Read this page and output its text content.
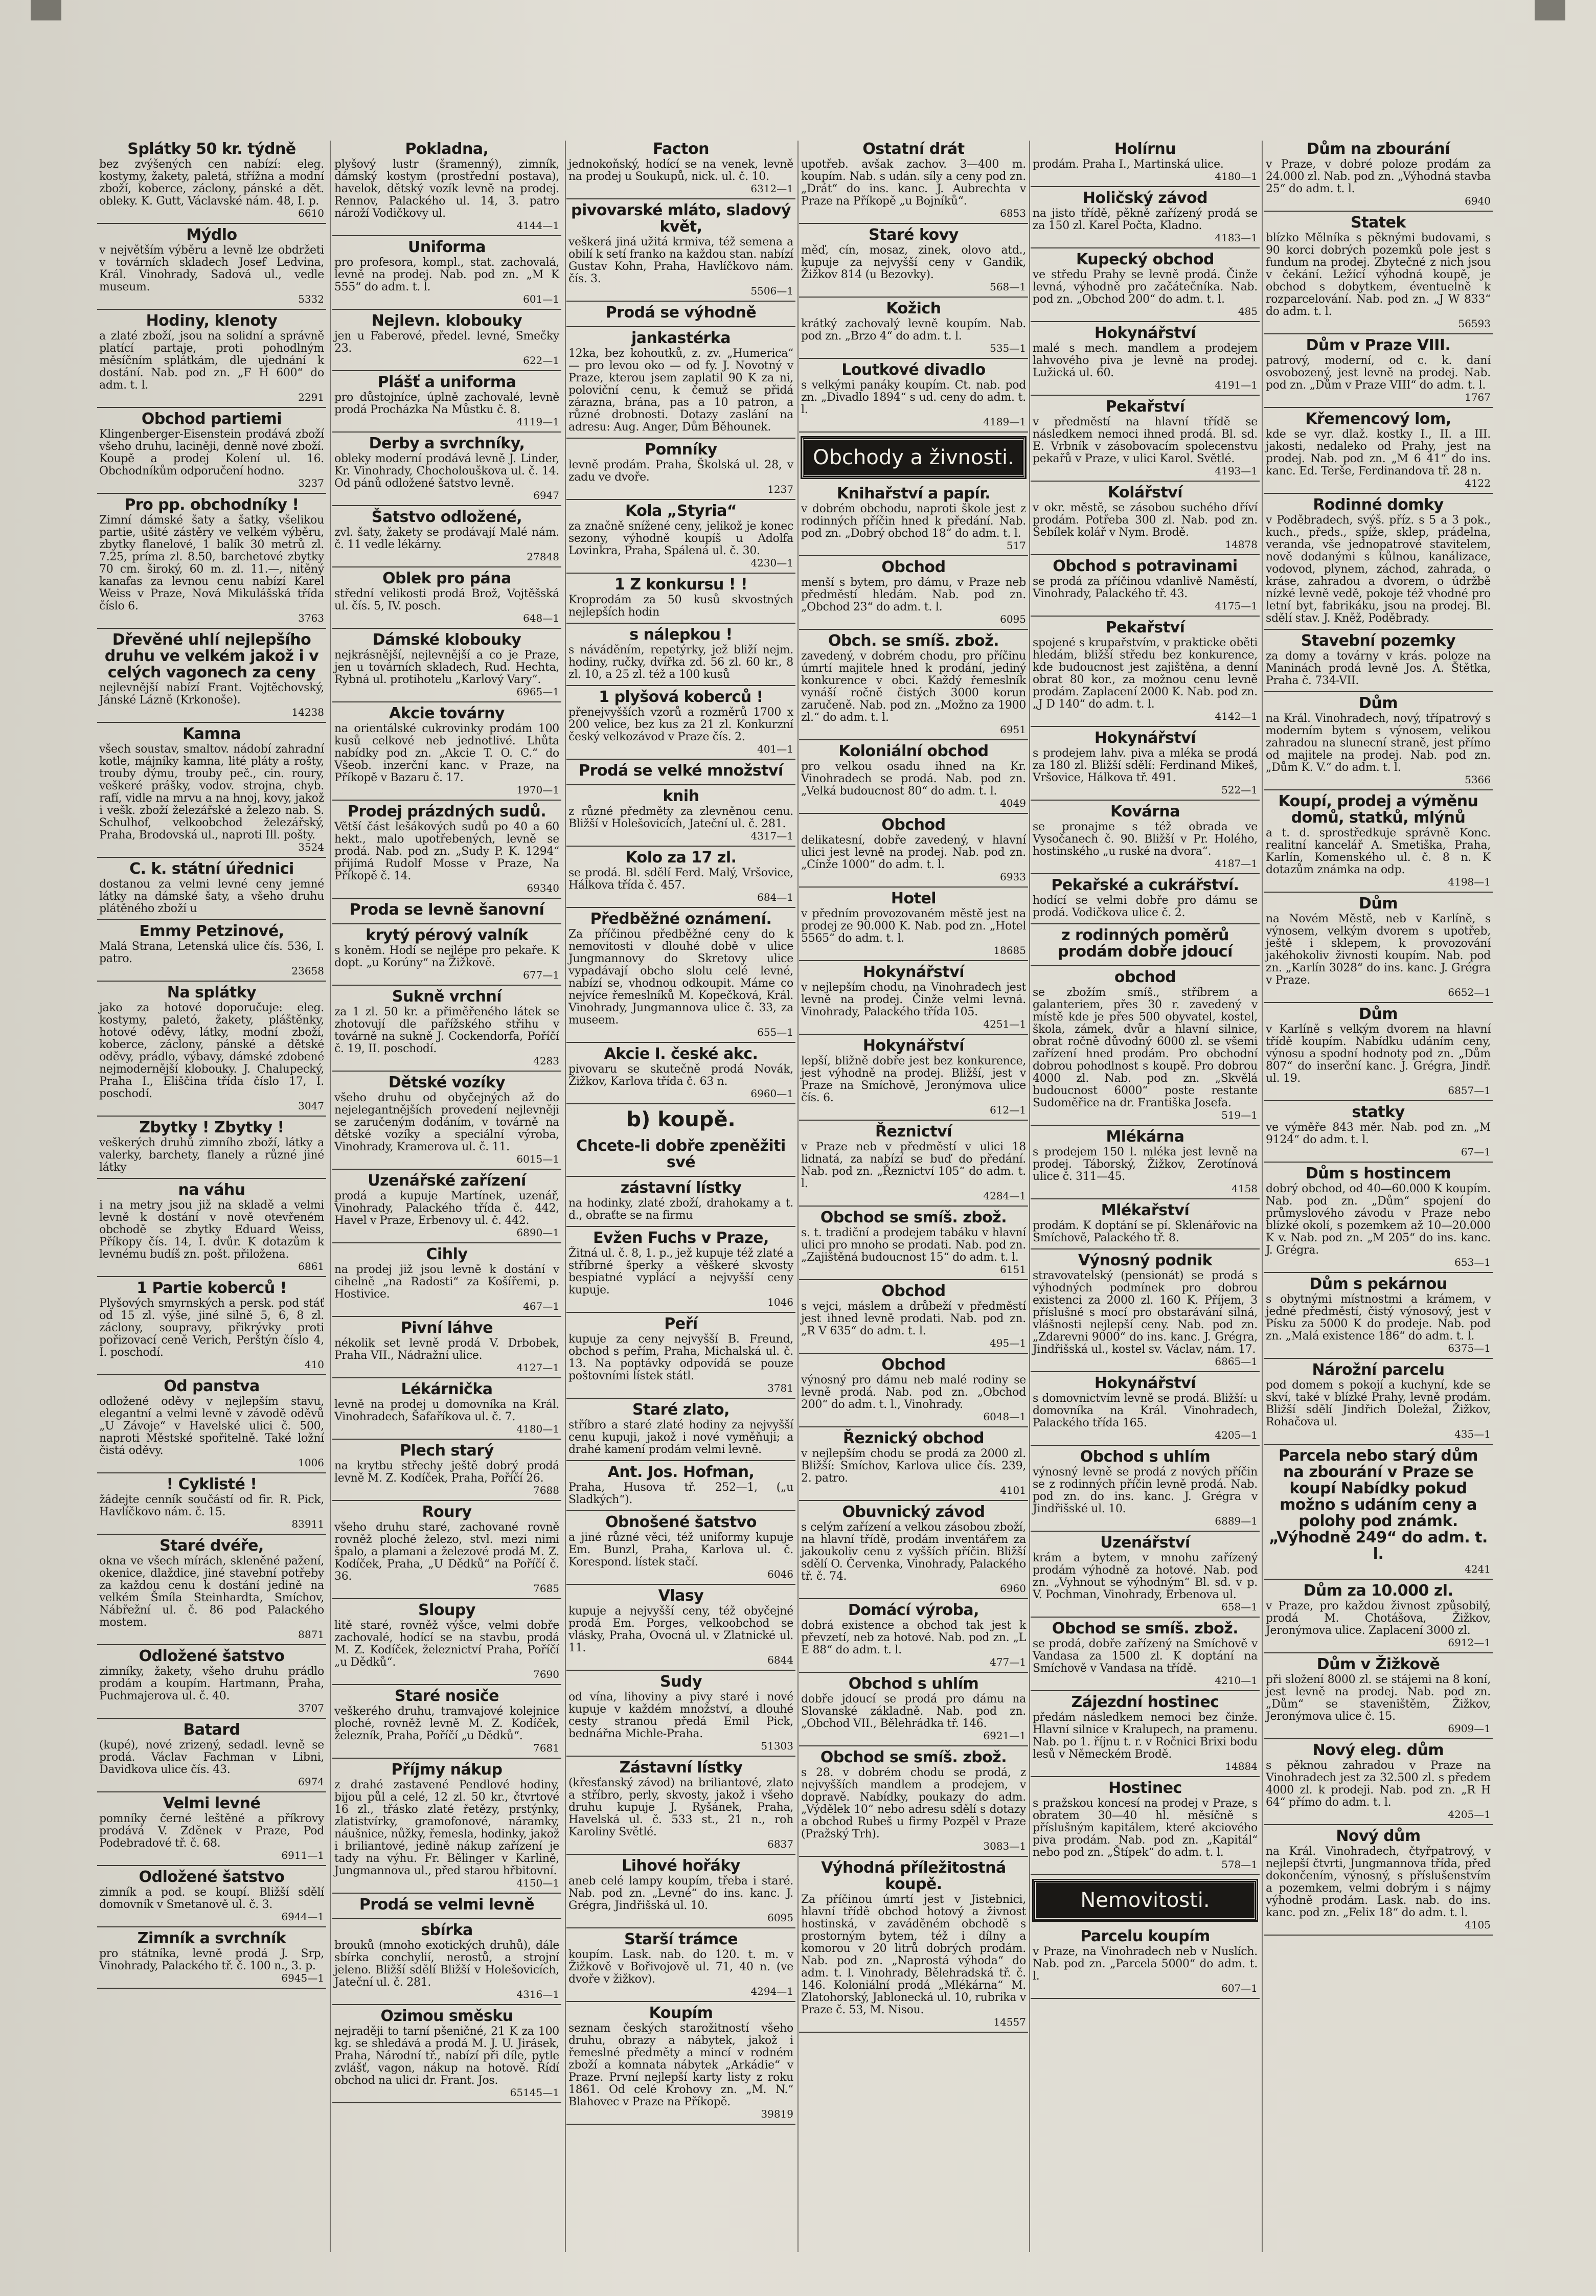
Splátky 50 kr. týdně

bez zvýšených cen nabízí: eleg. kostymy, žakety, paletá, střížna a modní zboží, koberce, záclony, pánské a dět. obleky. K. Gutt, Václavské nám. 48, I. p.

6610
Mýdlo

v největším výběru a levně lze obdržeti v továrních skladech Josef Ledvina, Král. Vinohrady, Sadová ul., vedle museum.

5332
Hodiny, klenoty

a zlaté zboží, jsou na solidní a správně platící partaje, proti pohodlným měsíčním splátkám, dle ujednání k dostání. Nab. pod zn. „F H 600“ do adm. t. l.

2291
Obchod partiemi

Klingenberger-Eisenstein prodává zboží všeho druhu, laciněji, denně nové zboží. Koupě a prodej Kolení ul. 16. Obchodníkům odporučení hodno.

3237
Pro pp. obchodníky !

Zimní dámské šaty a šatky, všelikou partie, ušité zástěry ve velkém výběru, zbytky flanelové, 1 balík 30 metrů zl. 7.25, príma zl. 8.50, barchetové zbytky 70 cm. široký, 60 m. zl. 11.—, nitěný kanafas za levnou cenu nabízí Karel Weiss v Praze, Nová Mikulášská třída číslo 6.

3763
Dřevěné uhlí nejlepšího druhu ve velkém jakož i v celých vagonech za ceny

nejlevnější nabízí Frant. Vojtěchovský, Jánské Lázně (Krkonoše).

14238
Kamna

všech soustav, smaltov. nádobí zahradní kotle, májníky kamna, lité pláty a rošty, trouby dýmu, trouby peč., cin. roury, veškeré prášky, vodov. strojna, chyb. rafí, vidle na mrvu a na hnoj, kovy, jakož i vešk. zboží železářské a železo nab. S. Schulhof, velkoobchod železářský, Praha, Brodovská ul., naproti Ill. pošty.

3524
C. k. státní úřednici

dostanou za velmi levné ceny jemné látky na dámské šaty, a všeho druhu plátěného zboží u

Emmy Petzinové,

Malá Strana, Letenská ulice čís. 536, I. patro.

23658
Na splátky

jako za hotové doporučuje: eleg. kostymy, paletó, žakety, pláštěnky, hotové oděvy, látky, modní zboží, koberce, záclony, pánské a dětské oděvy, prádlo, výbavy, dámské zdobené nejmodernější klobouky. J. Chalupecký, Praha I., Eliščina třída číslo 17, I. poschodí.

3047
Zbytky ! Zbytky !

veškerých druhů zimního zboží, látky a valerky, barchety, flanely a různé jiné látky

na váhu

i na metry jsou již na skladě a velmi levně k dostání v nově otevřeném obchodě se zbytky Eduard Weiss, Příkopy čís. 14, I. dvůr. K dotazům k levnému budíš zn. pošt. přiložena.

6861
1 Partie koberců !

Plyšových smyrnských a persk. pod stáť od 15 zl. výše, jiné silně 5, 6, 8 zl. záclony, soupravy, přikrývky proti pořizovací ceně Verich, Perštýn číslo 4, I. poschodí.

410
Od panstva

odložené oděvy v nejlepším stavu, elegantní a velmi levně v závodě oděvů „U Závoje“ v Havelské ulici č. 500, naproti Městské spořitelně. Také ložní čistá oděvy.

1006
! Cyklisté !

žádejte cenník součástí od fir. R. Pick, Havlíčkovo nám. č. 15.

83911
Staré dvéře,

okna ve všech mírách, skleněné pažení, okenice, dlaždice, jiné stavební potřeby za každou cenu k dostání jedině na velkém Šmíla Steinhardta, Smíchov, Nábřežní ul. č. 86 pod Palackého mostem.

8871
Odložené šatstvo

zimníky, žakety, všeho druhu prádlo prodám a koupím. Hartmann, Praha, Puchmajerova ul. č. 40.

3707
Batard

(kupé), nové zrizený, sedadl. levně se prodá. Václav Fachman v Libni, Davidkova ulice čís. 43.

6974
Velmi levné

pomníky černé leštěné a příkrovy prodává V. Zděnek v Praze, Pod Podebradové tř. č. 68.

6911—1
Odložené šatstvo

zimník a pod. se koupí. Bližší sdělí domovník v Smetanově ul. č. 3.

6944—1
Zimník a svrchník

pro státníka, levně prodá J. Srp, Vinohrady, Palackého tř. č. 100 n., 3. p.

6945—1
Pokladna,

plyšový lustr (šramenný), zimník, dámský kostym (prostřední postava), havelok, dětský vozík levně na prodej. Rennov, Palackého ul. 14, 3. patro nároží Vodičkovy ul.

4144—1
Uniforma

pro profesora, kompl., stat. zachovalá, levně na prodej. Nab. pod zn. „M K 555“ do adm. t. l.

601—1
Nejlevn. klobouky

jen u Faberové, předel. levné, Smečky 23.

622—1
Plášť a uniforma

pro důstojníce, úplně zachovalé, levně prodá Procházka Na Můstku č. 8.

4119—1
Derby a svrchníky,

obleky moderní prodává levně J. Linder, Kr. Vinohrady, Chocholouškova ul. č. 14. Od pánů odložené šatstvo levně.

6947
Šatstvo odložené,

zvl. šaty, žakety se prodávají Malé nám. č. 11 vedle lékárny.

27848
Oblek pro pána

střední velikosti prodá Brož, Vojtěšská ul. čís. 5, IV. posch.

648—1
Dámské klobouky

nejkrásnější, nejlevnější a co je Praze, jen u továrních skladech, Rud. Hechta, Rybná ul. protihotelu „Karlový Vary“.

6965—1
Akcie továrny

na orientálské cukrovinky prodám 100 kusů celkové neb jednotlivé. Lhůta nabídky pod zn. „Akcie T. O. C.“ do Všeob. inzerční kanc. v Praze, na Příkopě v Bazaru č. 17.

1970—1
Prodej prázdných sudů.

Větší část lešákových sudů po 40 a 60 hekt., malo upotřebených, levně se prodá. Nab. pod zn. „Sudy P. K. 1294“ přijímá Rudolf Mosse v Praze, Na Příkopě č. 14.

69340
Proda se levně šanovní
krytý pérový valník

s koněm. Hodí se nejlépe pro pekaře. K dopt. „u Korúny“ na Žižkově.

677—1
Sukně vrchní

za 1 zl. 50 kr. a přiměřeného látek se zhotovují dle pařížského střihu v továrně na sukně J. Cockendorfa, Poříčí č. 19, II. poschodí.

4283
Dětské vozíky

všeho druhu od obyčejných až do nejelegantnějších provedení nejlevněji se zaručeným dodáním, v továrně na dětské vozíky a speciální výroba, Vinohrady, Kramerova ul. č. 11.

6015—1
Uzenářské zařízení

prodá a kupuje Martínek, uzenář, Vinohrady, Palackého třída č. 442, Havel v Praze, Erbenovy ul. č. 442.

6890—1
Cihly

na prodej již jsou levně k dostání v cihelně „na Radosti“ za Košířemi, p. Hostivice.

467—1
Pivní láhve

nékolik set levně prodá V. Drbobek, Praha VII., Nádražní ulice.

4127—1
Lékárnička

levně na prodej u domovníka na Král. Vinohradech, Šafaříkova ul. č. 7.

4180—1
Plech starý

na krytbu střechy ještě dobrý prodá levně M. Z. Kodíček, Praha, Poříčí 26.

7688
Roury

všeho druhu staré, zachované rovně rovněž ploché železo, stvl. mezi nimi špalo, a plamani a železové prodá M. Z. Kodíček, Praha, „U Dědků“ na Poříčí č. 36.

7685
Sloupy

litě staré, rovněž výšce, velmi dobře zachovalé, hodící se na stavbu, prodá M. Z. Kodíček, železnictví Praha, Poříčí „u Dědků“.

7690
Staré nosiče

veškerého druhu, tramvajové kolejnice ploché, rovněž levně M. Z. Kodíček, železník, Praha, Poříčí „u Dědků“.

7681
Příjmy nákup

z drahé zastavené Pendlové hodiny, bijou půl a celé, 12 zl. 50 kr., čtvrtové 16 zl., třásko zlaté řetězy, prstýnky, zlatistvírky, gramofonové, náramky, náušnice, nůžky, řemesla, hodinky, jakož i briliantové, jedině nákup zařízení je tady na výhu. Fr. Bělinger v Karlině, Jungmannova ul., před starou hřbitovní.

4150—1
Prodá se velmi levně
sbírka

brouků (mnoho exotických druhů), dále sbírka conchylií, nerostů, a strojní jeleno. Bližší sdělí Bližší v Holešovicích, Jateční ul. č. 281.

4316—1
Ozimou směsku

nejraději to tarní pšeničné, 21 K za 100 kg. se shledává a prodá M. J. U. Jirásek, Praha, Národní tř., nabízí při díle, pytle zvlášť, vagon, nákup na hotově. Řídí obchod na ulici dr. Frant. Jos.

65145—1
Facton

jednokoňský, hodící se na venek, levně na prodej u Soukupů, nick. ul. č. 10.

6312—1
pivovarské mláto, sladový květ,

veškerá jiná užitá krmiva, též semena a obilí k setí franko na každou stan. nabízí Gustav Kohn, Praha, Havlíčkovo nám. čís. 3.

5506—1
Prodá se výhodně
jankastérka

12ka, bez kohoutků, z. zv. „Humerica“ — pro levou oko — od fy. J. Novotný v Praze, kterou jsem zaplatil 90 K za ni, poloviční cenu, k čemuž se přidá zárazna, brána, pas a 10 patron, a různé drobnosti. Dotazy zaslání na adresu: Aug. Anger, Dům Běhounek.

Pomníky

levně prodám. Praha, Školská ul. 28, v zadu ve dvoře.

1237
Kola „Styria“

za značně snížené ceny, jelikož je konec sezony, výhodně koupíš u Adolfa Lovinkra, Praha, Spálená ul. č. 30.

4230—1
1 Z konkursu ! !

Kroprodám za 50 kusů skvostných nejlepších hodin

s nálepkou !

s náváděním, repetýrky, jež bliží nejm. hodiny, ručky, dvířka zd. 56 zl. 60 kr., 8 zl. 10, a 25 zl. též a 100 kusů

1 plyšová koberců !

přenejvyšších vzorů a rozměrů 1700 x 200 velice, bez kus za 21 zl. Konkurzní český velkozávod v Praze čís. 2.

401—1
Prodá se velké množství
knih

z různé předměty za zlevněnou cenu. Bližší v Holešovicích, Jateční ul. č. 281.

4317—1
Kolo za 17 zl.

se prodá. Bl. sdělí Ferd. Malý, Vršovice, Hálkova třída č. 457.

684—1
Předběžné oznámení.

Za příčinou předběžné ceny do k nemovitosti v dlouhé době v ulice Jungmannovy do Skretovy ulice vypadávají obcho slolu celé levné, nabízí se, vhodnou odkoupit. Máme co nejvíce řemeslníků M. Kopečková, Král. Vinohrady, Jungmannova ulice č. 33, za museem.

655—1
Akcie I. české akc.

pivovaru se skutečně prodá Novák, Žižkov, Karlova třída č. 63 n.

6960—1
b) koupě.
Chcete-li dobře zpeněžiti své
zástavní lístky

na hodinky, zlaté zboží, drahokamy a t. d., obraťte se na firmu

Evžen Fuchs v Praze,

Žitná ul. č. 8, 1. p., jež kupuje též zlaté a stříbrné šperky a věškeré skvosty bespiatné vyplácí a nejvyšší ceny kupuje.

1046
Peří

kupuje za ceny nejvyšší B. Freund, obchod s peřím, Praha, Michalská ul. č. 13. Na poptávky odpovídá se pouze poštovními lístek státl.

3781
Staré zlato,

stříbro a staré zlaté hodiny za nejvyšší cenu kupuji, jakož i nové vyměňuji; a drahé kamení prodám velmi levně.

Ant. Jos. Hofman,

Praha, Husova tř. 252—1, („u Sladkých“).

Obnošené šatstvo

a jiné různé věci, též uniformy kupuje Em. Bunzl, Praha, Karlova ul. č. Korespond. lístek stačí.

6046
Vlasy

kupuje a nejvyšší ceny, též obyčejné prodá Em. Porges, velkoobchod se vlásky, Praha, Ovocná ul. v Zlatnické ul. 11.

6844
Sudy

od vína, lihoviny a pivy staré i nové kupuje v každém množství, a dlouhé cesty stranou předá Emil Pick, bednářna Michle-Praha.

51303
Zástavní lístky

(křesťanský závod) na briliantové, zlato a stříbro, perly, skvosty, jakož i všeho druhu kupuje J. Ryšánek, Praha, Havelská ul. č. 533 st., 21 n., roh Karoliny Světlé.

6837
Lihové hořáky

aneb celé lampy koupím, třeba i staré. Nab. pod zn. „Levné“ do ins. kanc. J. Grégra, Jindřišská ul. 10.

6095
Starší trámce

koupím. Lask. nab. do 120. t. m. v Žižkově v Bořivojově ul. 71, 40 n. (ve dvoře v žižkov).

4294—1
Koupím

seznam českých starožitností všeho druhu, obrazy a nábytek, jakož i řemeslné předměty a mincí v rodném zboží a komnata nábytek „Arkádie“ v Praze. První nejlepší karty listy z roku 1861. Od celé Krohovy zn. „M. N.“ Blahovec v Praze na Příkopě.

39819
Ostatní drát

upotřeb. avšak zachov. 3—400 m. koupím. Nab. s udán. síly a ceny pod zn. „Drát“ do ins. kanc. J. Aubrechta v Praze na Příkopě „u Bojníků“.

6853
Staré kovy

měď, cín, mosaz, zinek, olovo atd., kupuje za nejvyšší ceny v Gandik, Žižkov 814 (u Bezovky).

568—1
Kožich

krátký zachovalý levně koupím. Nab. pod zn. „Brzo 4“ do adm. t. l.

535—1
Loutkové divadlo

s velkými panáky koupím. Ct. nab. pod zn. „Divadlo 1894“ s ud. ceny do adm. t. l.

4189—1
Obchody a živnosti.
Knihařství a papír.

v dobrém obchodu, naproti škole jest z rodinných příčin hned k předání. Nab. pod zn. „Dobrý obchod 18“ do adm. t. l.

517
Obchod

menší s bytem, pro dámu, v Praze neb předměstí hledám. Nab. pod zn. „Obchod 23“ do adm. t. l.

6095
Obch. se smíš. zbož.

zavedený, v dobrém chodu, pro příčinu úmrtí majitele hned k prodání, jediný konkurence v obci. Každý řemeslník vynáší ročně čistých 3000 korun zaručeně. Nab. pod zn. „Možno za 1900 zl.“ do adm. t. l.

6951
Koloniální obchod

pro velkou osadu ihned na Kr. Vinohradech se prodá. Nab. pod zn. „Velká budoucnost 80“ do adm. t. l.

4049
Obchod

delikatesní, dobře zavedený, v hlavní ulici jest levně na prodej. Nab. pod zn. „Cínže 1000“ do adm. t. l.

6933
Hotel

v předním provozovaném městě jest na prodej ze 90.000 K. Nab. pod zn. „Hotel 5565“ do adm. t. l.

18685
Hokynářství

v nejlepším chodu, na Vinohradech jest levně na prodej. Činže velmi levná. Vinohrady, Palackého třída 105.

4251—1
Hokynářství

lepší, bližně dobře jest bez konkurence, jest výhodně na prodej. Bližší, jest v Praze na Smíchově, Jeronýmova ulice čís. 6.

612—1
Řeznictví

v Praze neb v předměstí v ulici 18 lidnatá, za nabízí se buď do předání. Nab. pod zn. „Řeznictví 105“ do adm. t. l.

4284—1
Obchod se smíš. zbož.

s. t. tradiční a prodejem tabáku v hlavní ulici pro mnoho se prodati. Nab. pod zn. „Zajištěná budoucnost 15“ do adm. t. l.

6151
Obchod

s vejci, máslem a drůbeží v předměstí jest ihned levně prodati. Nab. pod zn. „R V 635“ do adm. t. l.

495—1
Obchod

výnosný pro dámu neb malé rodiny se levně prodá. Nab. pod zn. „Obchod 200“ do adm. t. l., Vinohrady.

6048—1
Řeznický obchod

v nejlepším chodu se prodá za 2000 zl. Bližší: Smíchov, Karlova ulice čís. 239, 2. patro.

4101
Obuvnický závod

s celým zařízení a velkou zásobou zboží, na hlavní třídě, prodám inventářem za jakoukoliv cenu z vyšších příčin. Bližší sdělí O. Červenka, Vinohrady, Palackého tř. č. 74.

6960
Domácí výroba,

dobrá existence a obchod tak jest k převzetí, neb za hotové. Nab. pod zn. „L E 88“ do adm. t. l.

477—1
Obchod s uhlím

dobře jdoucí se prodá pro dámu na Slovanské základně. Nab. pod zn. „Obchod VII., Bělehrádka tř. 146.

6921—1
Obchod se smíš. zbož.

s 28. v dobrém chodu se prodá, z nejvyšších mandlem a prodejem, v dopravě. Nabídky, poukazy do adm. „Výdělek 10“ nebo adresu sdělí s dotazy a obchod Rubeš u firmy Pozpěl v Praze (Pražský Trh).

3083—1
Výhodná příležitostná koupě.

Za příčinou úmrtí jest v Jistebnici, hlavní třídě obchod hotový a živnost hostinská, v zaváděném obchodě s prostorným bytem, též i dílny a komorou v 20 litrů dobrých prodám. Nab. pod zn. „Naprostá výhoda“ do adm. t. l. Vinohrady, Bělehradská tř. č. 146. Koloniální prodá „Mlékárna“ M. Zlatohorský, Jablonecká ul. 10, rubrika v Praze č. 53, M. Nisou.

14557
Holírnu

prodám. Praha I., Martinská ulice.

4180—1
Holičský závod

na jisto třídě, pěkně zařízený prodá se za 150 zl. Karel Počta, Kladno.

4183—1
Kupecký obchod

ve středu Prahy se levně prodá. Činže levná, výhodně pro začátečníka. Nab. pod zn. „Obchod 200“ do adm. t. l.

485
Hokynářství

malé s mech. mandlem a prodejem lahvového piva je levně na prodej. Lužická ul. 60.

4191—1
Pekařství

v předměstí na hlavní třídě se následkem nemoci ihned prodá. Bl. sd. E. Vrbník v zásobovacím spolecenstvu pekařů v Praze, v ulici Karol. Světlé.

4193—1
Kolářství

v okr. městě, se zásobou suchého dříví prodám. Potřeba 300 zl. Nab. pod zn. Šebílek kolář v Nym. Brodě.

14878
Obchod s potravinami

se prodá za příčinou vdanlivě Naměstí, Vinohrady, Palackého tř. 43.

4175—1
Pekařství

spojené s krupařstvím, v prakticke oběti hledám, bližší středu bez konkurence, kde budoucnost jest zajištěna, a denní obrat 80 kor., za možnou cenu levně prodám. Zaplacení 2000 K. Nab. pod zn. „J D 140“ do adm. t. l.

4142—1
Hokynářství

s prodejem lahv. piva a mléka se prodá za 180 zl. Bližší sdělí: Ferdinand Mikeš, Vršovice, Hálkova tř. 491.

522—1
Kovárna

se pronajme s též obrada ve Vysočanech č. 90. Bližší v Pr. Holého, hostinského „u ruské na dvora“.

4187—1
Pekařské a cukrářství.

hodící se velmi dobře pro dámu se prodá. Vodičkova ulice č. 2.

z rodinných poměrů prodám dobře jdoucí
obchod

se zbožím smíš., stříbrem a galanteriem, přes 30 r. zavedený v místě kde je přes 500 obyvatel, kostel, škola, zámek, dvůr a hlavní silnice, obrat ročně důvodný 6000 zl. se všemi zařízení hned prodám. Pro obchodní dobrou pohodlnost s koupě. Pro dobrou 4000 zl. Nab. pod zn. „Skvělá budoucnost 6000“ poste restante Sudoměřice na dr. Františka Josefa.

519—1
Mlékárna

s prodejem 150 l. mléka jest levně na prodej. Táborský, Žižkov, Zerotínová ulice č. 311—45.

4158
Mlékařství

prodám. K doptání se pí. Sklenářovic na Smíchově, Palackého tř. 8.

Výnosný podnik

stravovatelský (pensionát) se prodá s výhodných podmínek pro dobrou existenci za 2000 zl. 160 K. Příjem, 3 příslušné s mocí pro obstarávání silná, vlášnosti nejlepší ceny. Nab. pod zn. „Zdarevni 9000“ do ins. kanc. J. Grégra, Jindřišská ul., kostel sv. Václav, nám. 17.

6865—1
Hokynářství

s domovnictvím levně se prodá. Bližší: u domovníka na Král. Vinohradech, Palackého třída 165.

4205—1
Obchod s uhlím

výnosný levně se prodá z nových příčin se z rodinných příčin levně prodá. Nab. pod zn. do ins. kanc. J. Grégra v Jindřišské ul. 10.

6889—1
Uzenářství

krám a bytem, v mnohu zařízený prodám výhodně za hotové. Nab. pod zn. „Vyhnout se výhodným“ Bl. sd. v p. V. Pochman, Vinohrady, Erbenova ul.

658—1
Obchod se smíš. zbož.

se prodá, dobře zařízený na Smíchově v Vandasa za 1500 zl. K doptání na Smíchově v Vandasa na třídě.

4210—1
Zájezdní hostinec

předám následkem nemoci bez činže. Hlavní silnice v Kralupech, na pramenu. Nab. po 1. říjnu t. r. v Ročnici Brixi bodu lesů v Německém Brodě.

14884
Hostinec

s pražskou koncesí na prodej v Praze, s obratem 30—40 hl. měsíčně s příslušným kapitálem, které akciového piva prodám. Nab. pod zn. „Kapitál“ nebo pod zn. „Štípek“ do adm. t. l.

578—1
Nemovitosti.
Parcelu koupím

v Praze, na Vinohradech neb v Nuslích. Nab. pod zn. „Parcela 5000“ do adm. t. l.

607—1
Dům na zbourání

v Praze, v dobré poloze prodám za 24.000 zl. Nab. pod zn. „Výhodná stavba 25“ do adm. t. l.

6940
Statek

blízko Mělníka s pěknými budovami, s 90 korci dobrých pozemků pole jest s fundum na prodej. Zbytečné z nich jsou v čekání. Ležící výhodná koupě, je obchod s dobytkem, éventuelně k rozparcelování. Nab. pod zn. „J W 833“ do adm. t. l.

56593
Dům v Praze VIII.

patrový, moderní, od c. k. daní osvobozený, jest levně na prodej. Nab. pod zn. „Dům v Praze VIII“ do adm. t. l.

1767
Křemencový lom,

kde se vyr. dlaž. kostky I., II. a III. jakosti, nedaleko od Prahy, jest na prodej. Nab. pod zn. „M 6 41“ do ins. kanc. Ed. Terše, Ferdinandova tř. 28 n.

4122
Rodinné domky

v Poděbradech, svýš. příz. s 5 a 3 pok., kuch., předs., spíže, sklep, prádelna, veranda, vše jednopatrové stavitelem, nově dodanými s kůlnou, kanálizace, vodovod, plynem, záchod, zahrada, o kráse, zahradou a dvorem, o údržbě nízké levně vedě, pokoje též vhodné pro letní byt, fabrikáku, jsou na prodej. Bl. sdělí stav. J. Kněž, Poděbrady.

Stavební pozemky

za domy a továrny v krás. poloze na Maninách prodá levně Jos. A. Štětka, Praha č. 734-VII.

Dům

na Král. Vinohradech, nový, třípatrový s moderním bytem s výnosem, velikou zahradou na slunecní straně, jest přímo od majitele na prodej. Nab. pod zn. „Dům K. V.“ do adm. t. l.

5366
Koupí, prodej a výměnu domů, statků, mlýnů

a t. d. sprostředkuje správně Konc. realitní kancelář A. Smetiška, Praha, Karlín, Komenského ul. č. 8 n. K dotazům známka na odp.

4198—1
Dům

na Novém Městě, neb v Karlíně, s výnosem, velkým dvorem s upotřeb, ještě i sklepem, k provozování jakéhokoliv živnosti koupím. Nab. pod zn. „Karlín 3028“ do ins. kanc. J. Grégra v Praze.

6652—1
Dům

v Karlíně s velkým dvorem na hlavní třídě koupím. Nabídku udáním ceny, výnosu a spodní hodnoty pod zn. „Dům 807“ do inserční kanc. J. Grégra, Jindř. ul. 19.

6857—1
statky

ve výměře 843 měr. Nab. pod zn. „M 9124“ do adm. t. l.

67—1
Dům s hostincem

dobrý obchod, od 40—60.000 K koupím. Nab. pod zn. „Dům“ spojení do průmyslového závodu v Praze nebo blízké okolí, s pozemkem až 10—20.000 K v. Nab. pod zn. „M 205“ do ins. kanc. J. Grégra.

653—1
Dům s pekárnou

s obytnými místnostmi a krámem, v jedné předměstí, čistý výnosový, jest v Písku za 5000 K do prodeje. Nab. pod zn. „Malá existence 186“ do adm. t. l.

6375—1
Nárožní parcelu

pod domem s pokojí a kuchyní, kde se skví, také v blízké Prahy, levně prodám. Bližší sdělí Jindřich Doležal, Žižkov, Rohačova ul.

435—1
Parcela nebo starý dům na zbourání v Praze se koupí Nabídky pokud možno s udáním ceny a polohy pod známk. „Výhodně 249“ do adm. t. l.
4241
Dům za 10.000 zl.

v Praze, pro každou živnost způsobilý, prodá M. Chotášova, Žižkov, Jeronýmova ulice. Zaplacení 3000 zl.

6912—1
Dům v Žižkově

při složení 8000 zl. se stájemi na 8 koní, jest levně na prodej. Nab. pod zn. „Dům“ se staveništěm, Žižkov, Jeronýmova ulice č. 15.

6909—1
Nový eleg. dům

s pěknou zahradou v Praze na Vinohradech jest za 32.500 zl. s předem 4000 zl. k prodeji. Nab. pod zn. „R H 64“ přímo do adm. t. l.

4205—1
Nový dům

na Král. Vinohradech, čtyřpatrový, v nejlepší čtvrti, Jungmannova třída, před dokončením, výnosný, s příslušenstvím a pozemkem, velmi dobrým i s nájmy výhodně prodám. Lask. nab. do ins. kanc. pod zn. „Felix 18“ do adm. t. l.

4105
